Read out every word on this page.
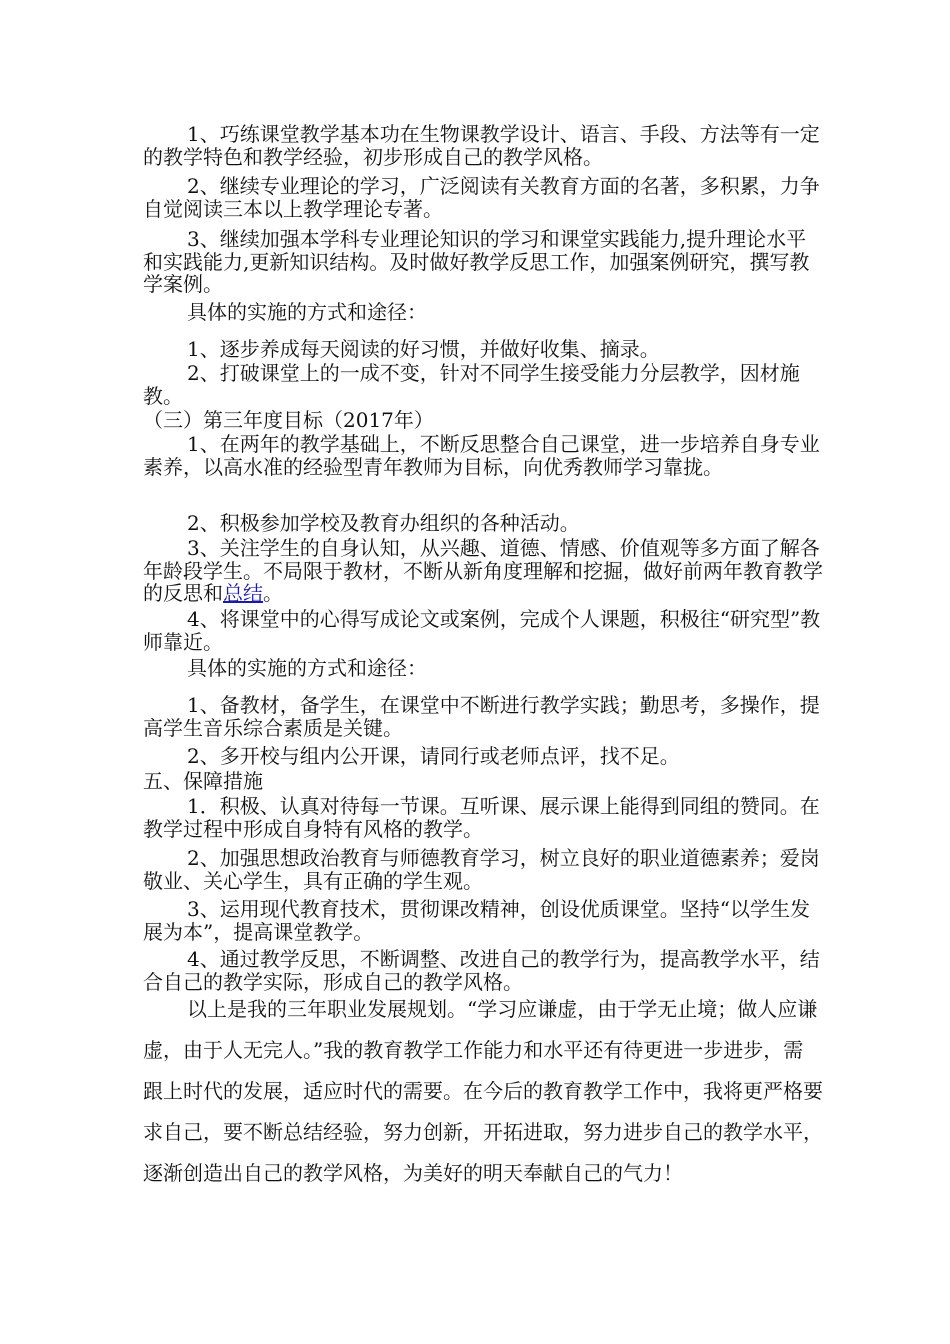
1、巧练课堂教学基本功在生物课教学设计、语言、手段、方法等有一定的教学特色和教学经验，初步形成自己的教学风格。

2、继续专业理论的学习，广泛阅读有关教育方面的名著，多积累，力争自觉阅读三本以上教学理论专著。

3、继续加强本学科专业理论知识的学习和课堂实践能力,提升理论水平和实践能力,更新知识结构。及时做好教学反思工作，加强案例研究，撰写教学案例。

具体的实施的方式和途径：

1、逐步养成每天阅读的好习惯，并做好收集、摘录。

2、打破课堂上的一成不变，针对不同学生接受能力分层教学，因材施教。

（三）第三年度目标（2017年）

1、在两年的教学基础上，不断反思整合自己课堂，进一步培养自身专业素养，以高水准的经验型青年教师为目标，向优秀教师学习靠拢。

2、积极参加学校及教育办组织的各种活动。

3、关注学生的自身认知，从兴趣、道德、情感、价值观等多方面了解各年龄段学生。不局限于教材，不断从新角度理解和挖掘，做好前两年教育教学的反思和总结。

4、将课堂中的心得写成论文或案例，完成个人课题，积极往“研究型”教师靠近。

具体的实施的方式和途径：

1、备教材，备学生，在课堂中不断进行教学实践；勤思考，多操作，提高学生音乐综合素质是关键。

2、多开校与组内公开课，请同行或老师点评，找不足。

五、保障措施

1．积极、认真对待每一节课。互听课、展示课上能得到同组的赞同。在教学过程中形成自身特有风格的教学。

2、加强思想政治教育与师德教育学习，树立良好的职业道德素养；爱岗敬业、关心学生，具有正确的学生观。

3、运用现代教育技术，贯彻课改精神，创设优质课堂。坚持“以学生发展为本”，提高课堂教学。

4、通过教学反思，不断调整、改进自己的教学行为，提高教学水平，结合自己的教学实际，形成自己的教学风格。

以上是我的三年职业发展规划。“学习应谦虚，由于学无止境；做人应谦虚，由于人无完人。”我的教育教学工作能力和水平还有待更进一步进步，需跟上时代的发展，适应时代的需要。在今后的教育教学工作中，我将更严格要求自己，要不断总结经验，努力创新，开拓进取，努力进步自己的教学水平，逐渐创造出自己的教学风格，为美好的明天奉献自己的气力！
